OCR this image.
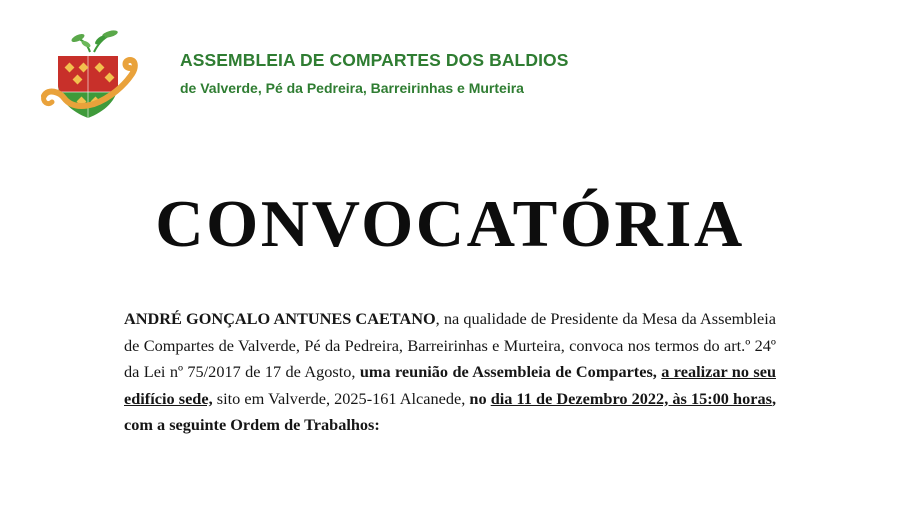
ASSEMBLEIA DE COMPARTES DOS BALDIOS
de Valverde, Pé da Pedreira, Barreirinhas e Murteira
CONVOCATÓRIA
ANDRÉ GONÇALO ANTUNES CAETANO, na qualidade de Presidente da Mesa da Assembleia de Compartes de Valverde, Pé da Pedreira, Barreirinhas e Murteira, convoca nos termos do art.º 24º da Lei nº 75/2017 de 17 de Agosto, uma reunião de Assembleia de Compartes, a realizar no seu edifício sede, sito em Valverde, 2025-161 Alcanede, no dia 11 de Dezembro 2022, às 15:00 horas, com a seguinte Ordem de Trabalhos:
